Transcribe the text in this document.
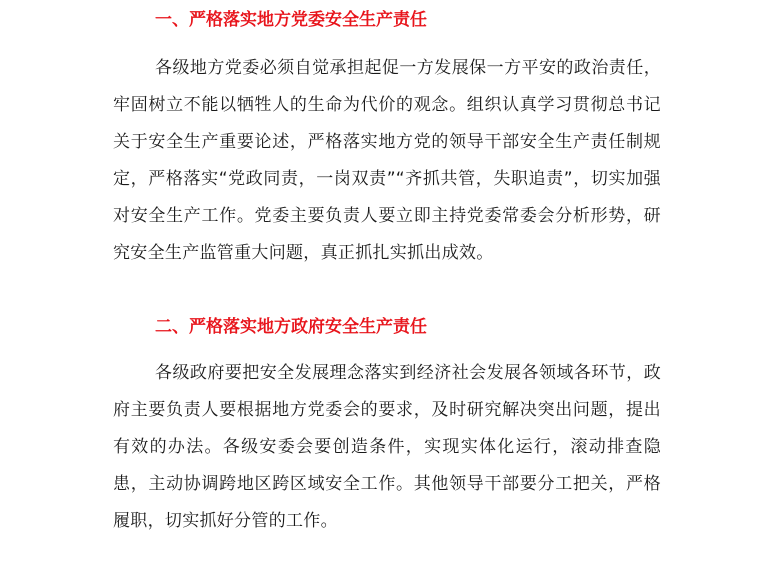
一、严格落实地方党委安全生产责任

各级地方党委必须自觉承担起促一方发展保一方平安的政治责任，牢固树立不能以牺牲人的生命为代价的观念。组织认真学习贯彻总书记关于安全生产重要论述，严格落实地方党的领导干部安全生产责任制规定，严格落实“党政同责，一岗双责”“齐抓共管，失职追责”，切实加强对安全生产工作。党委主要负责人要立即主持党委常委会分析形势，研究安全生产监管重大问题，真正抓扎实抓出成效。

二、严格落实地方政府安全生产责任

各级政府要把安全发展理念落实到经济社会发展各领域各环节，政府主要负责人要根据地方党委会的要求，及时研究解决突出问题，提出有效的办法。各级安委会要创造条件，实现实体化运行，滚动排查隐患，主动协调跨地区跨区域安全工作。其他领导干部要分工把关，严格履职，切实抓好分管的工作。
